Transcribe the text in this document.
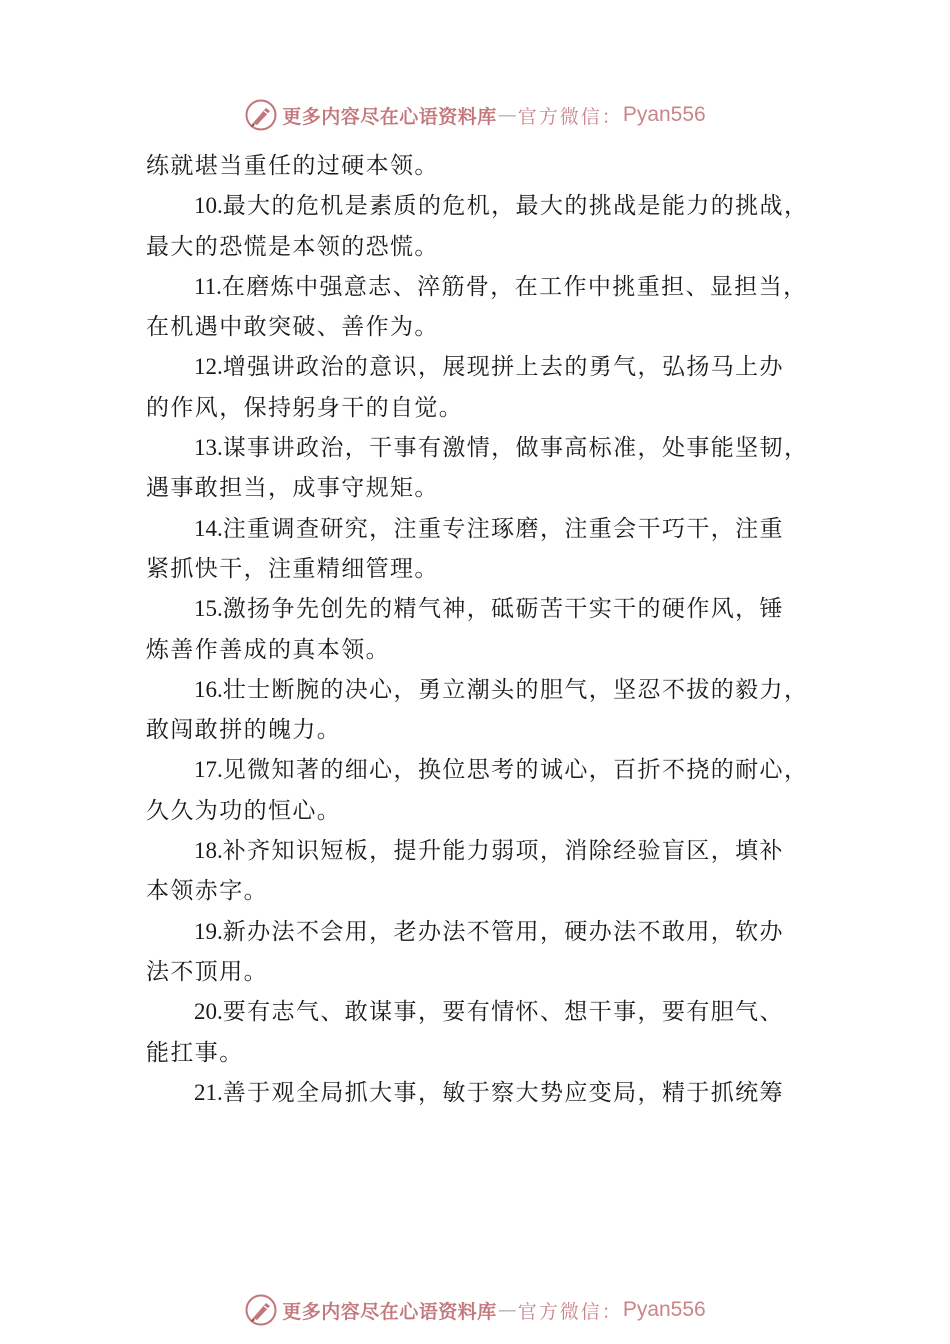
更多内容尽在心语资料库 — 官方微信： Pyan556
练就堪当重任的过硬本领。
10.最大的危机是素质的危机，最大的挑战是能力的挑战，
最大的恐慌是本领的恐慌。
11.在磨炼中强意志、淬筋骨，在工作中挑重担、显担当，
在机遇中敢突破、善作为。
12.增强讲政治的意识，展现拼上去的勇气，弘扬马上办
的作风，保持躬身干的自觉。
13.谋事讲政治，干事有激情，做事高标准，处事能坚韧，
遇事敢担当，成事守规矩。
14.注重调查研究，注重专注琢磨，注重会干巧干，注重
紧抓快干，注重精细管理。
15.激扬争先创先的精气神，砥砺苦干实干的硬作风，锤
炼善作善成的真本领。
16.壮士断腕的决心，勇立潮头的胆气，坚忍不拔的毅力，
敢闯敢拼的魄力。
17.见微知著的细心，换位思考的诚心，百折不挠的耐心，
久久为功的恒心。
18.补齐知识短板，提升能力弱项，消除经验盲区，填补
本领赤字。
19.新办法不会用，老办法不管用，硬办法不敢用，软办
法不顶用。
20.要有志气、敢谋事，要有情怀、想干事，要有胆气、
能扛事。
21.善于观全局抓大事，敏于察大势应变局，精于抓统筹
更多内容尽在心语资料库 — 官方微信： Pyan556
